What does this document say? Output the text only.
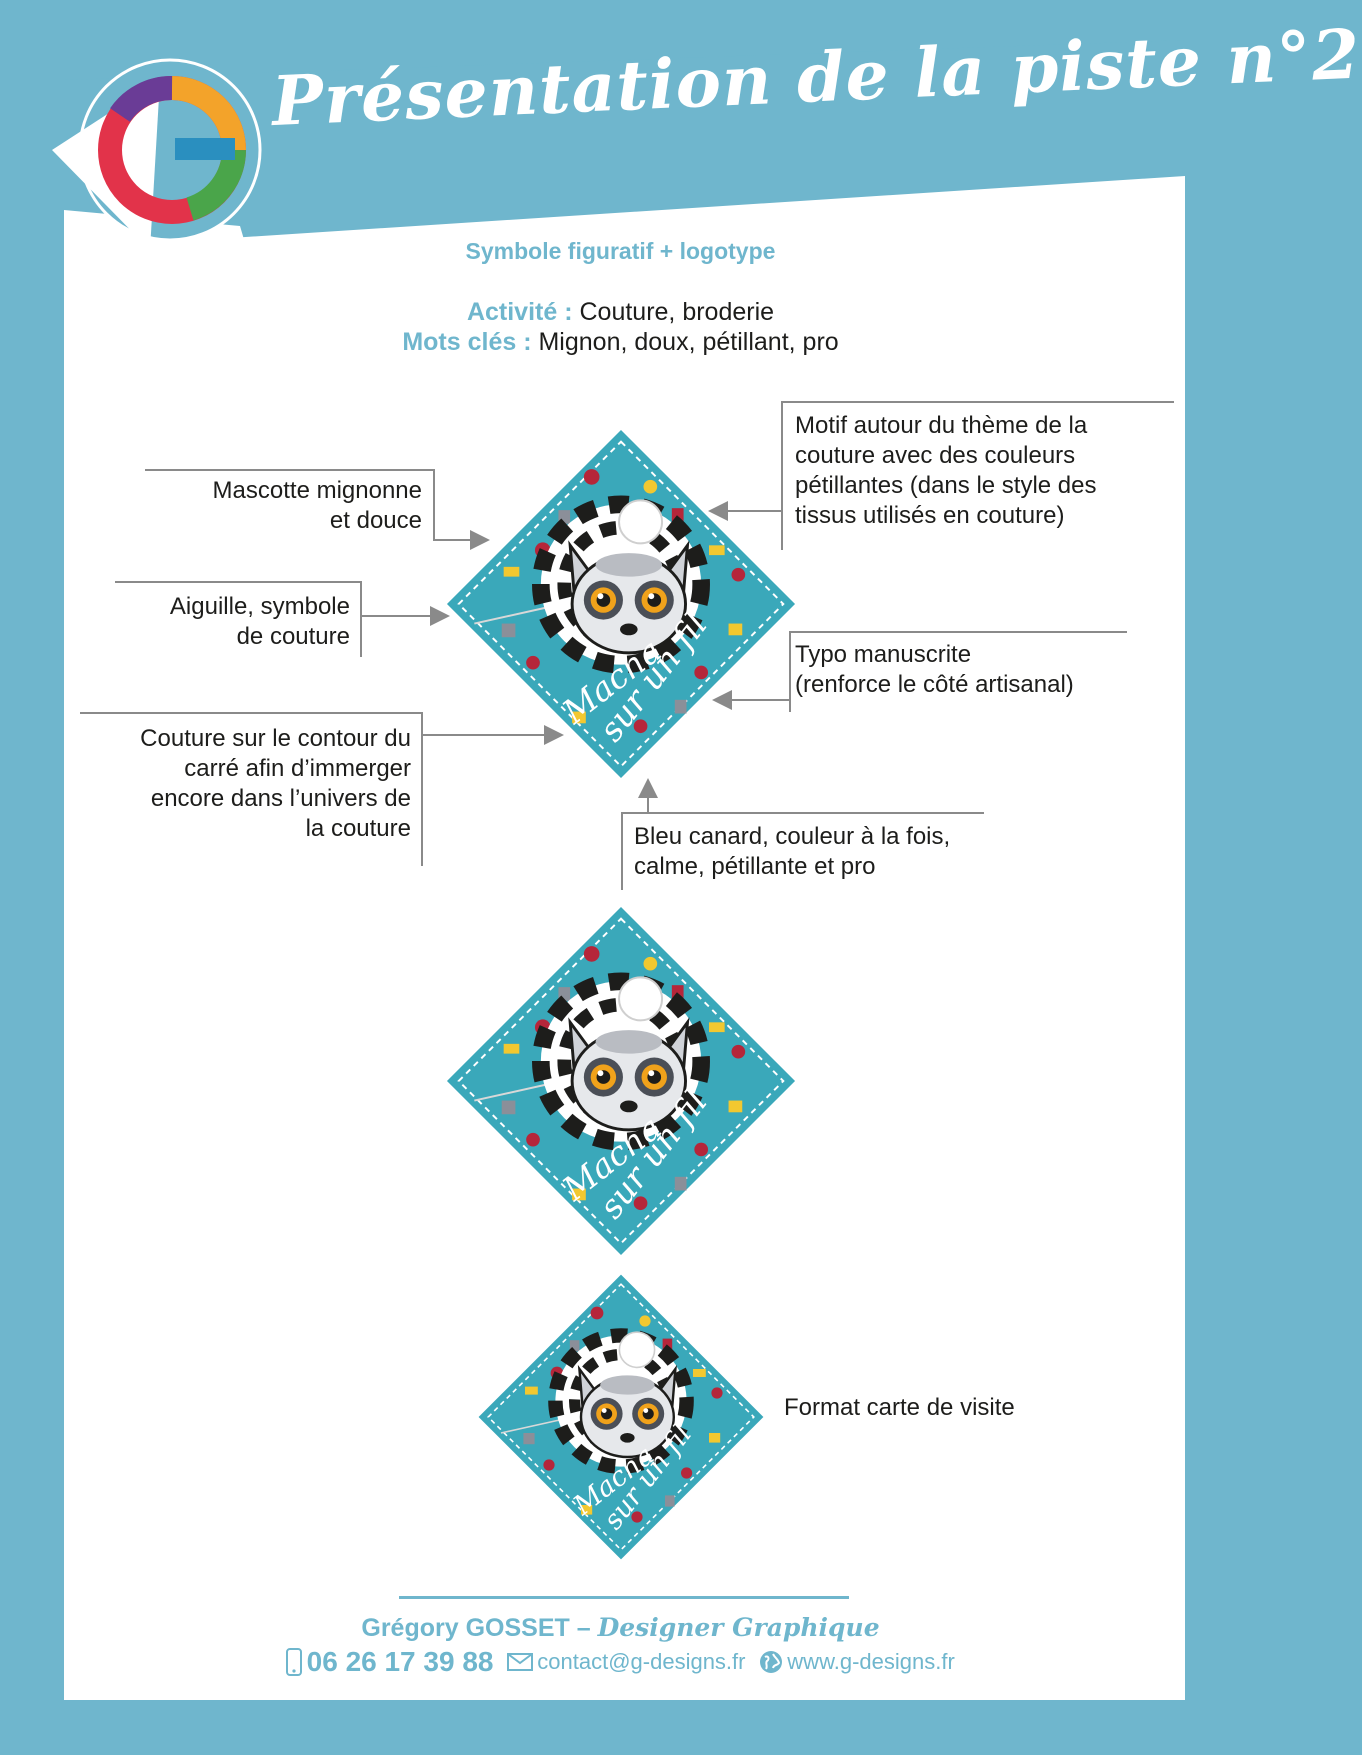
Présentation de la piste n°2
Symbole figuratif + logotype
Activité : Couture, broderie
Mots clés : Mignon, doux, pétillant, pro
Mascotte mignonne
et douce
Aiguille, symbole
de couture
Couture sur le contour du
carré afin d’immerger
encore dans l’univers de
la couture
Motif autour du thème de la
couture avec des couleurs
pétillantes (dans le style des
tissus utilisés en couture)
Typo manuscrite
(renforce le côté artisanal)
Bleu canard, couleur à la fois,
calme, pétillante et pro
Format carte de visite
Grégory GOSSET – Designer Graphique
06 26 17 39 88 contact@g-designs.fr www.g-designs.fr
